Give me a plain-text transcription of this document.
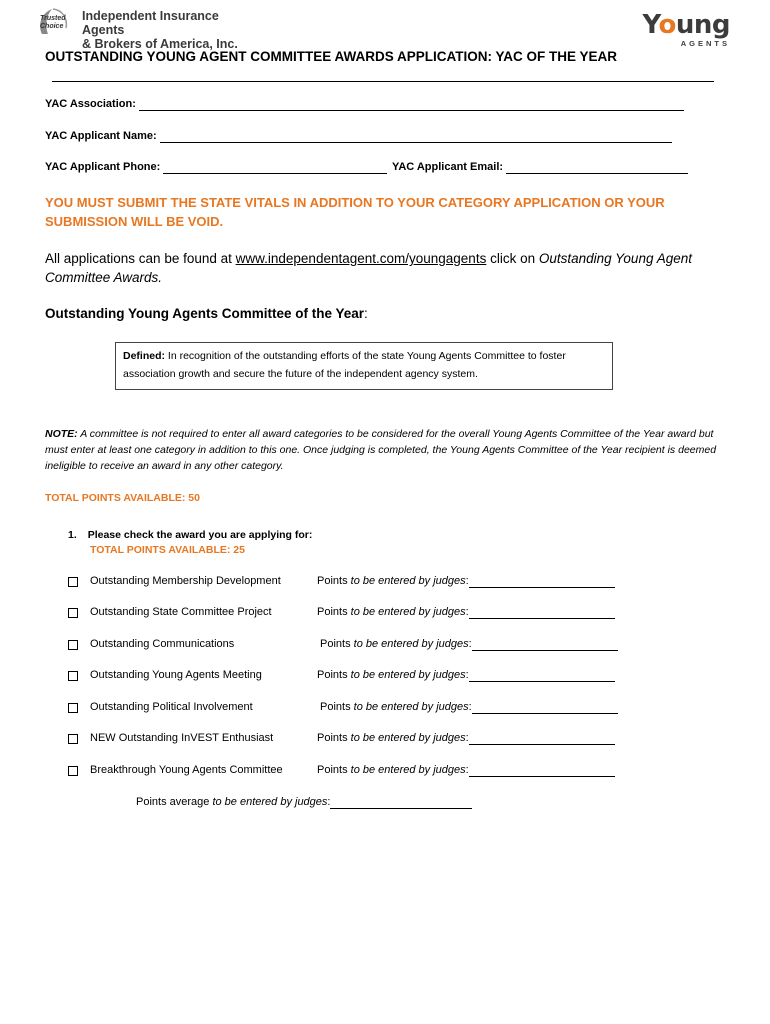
Trusted
Choice
Independent Insurance Agents
& Brokers of America, Inc.
Young
AGENTS
OUTSTANDING YOUNG AGENT COMMITTEE AWARDS APPLICATION: YAC OF THE YEAR
YAC Association:
YAC Applicant Name:
YAC Applicant Phone:	YAC Applicant Email:
YOU MUST SUBMIT THE STATE VITALS IN ADDITION TO YOUR CATEGORY APPLICATION OR YOUR SUBMISSION WILL BE VOID.
All applications can be found at www.independentagent.com/youngagents click on Outstanding Young Agent Committee Awards.
Outstanding Young Agents Committee of the Year:
Defined: In recognition of the outstanding efforts of the state Young Agents Committee to foster association growth and secure the future of the independent agency system.
NOTE: A committee is not required to enter all award categories to be considered for the overall Young Agents Committee of the Year award but must enter at least one category in addition to this one. Once judging is completed, the Young Agents Committee of the Year recipient is deemed ineligible to receive an award in any other category.
TOTAL POINTS AVAILABLE: 50
1. Please check the award you are applying for:
TOTAL POINTS AVAILABLE: 25
Outstanding Membership Development	Points to be entered by judges:
Outstanding State Committee Project	Points to be entered by judges:
Outstanding Communications	Points to be entered by judges:
Outstanding Young Agents Meeting	Points to be entered by judges:
Outstanding Political Involvement	Points to be entered by judges:
NEW Outstanding InVEST Enthusiast	Points to be entered by judges:
Breakthrough Young Agents Committee	Points to be entered by judges:
Points average to be entered by judges:
